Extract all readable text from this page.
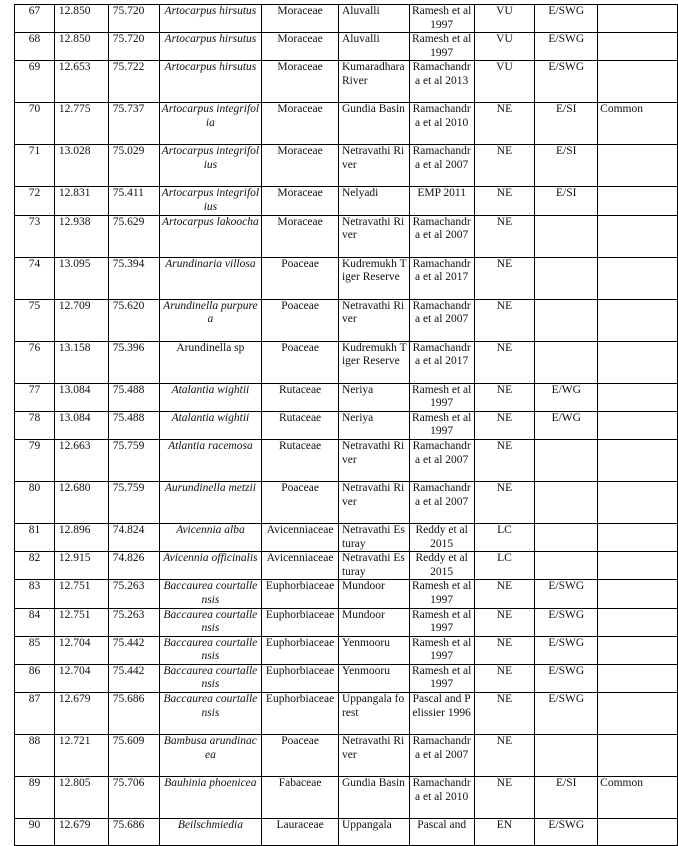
67	12.850	75.720	Artocarpus hirsutus	Moraceae	Aluvalli	Ramesh et al 1997	VU	E/SWG	
68	12.850	75.720	Artocarpus hirsutus	Moraceae	Aluvalli	Ramesh et al 1997	VU	E/SWG	
69	12.653	75.722	Artocarpus hirsutus	Moraceae	Kumaradhara River	Ramachandra et al 2013	VU	E/SWG	
70	12.775	75.737	Artocarpus integrifolia	Moraceae	Gundia Basin	Ramachandra et al 2010	NE	E/SI	Common
71	13.028	75.029	Artocarpus integrifolius	Moraceae	Netravathi River	Ramachandra et al 2007	NE	E/SI	
72	12.831	75.411	Artocarpus integrifolius	Moraceae	Nelyadi	EMP 2011	NE	E/SI	
73	12.938	75.629	Artocarpus lakoocha	Moraceae	Netravathi River	Ramachandra et al 2007	NE		
74	13.095	75.394	Arundinaria villosa	Poaceae	Kudremukh Tiger Reserve	Ramachandra et al 2017	NE		
75	12.709	75.620	Arundinella purpurea	Poaceae	Netravathi River	Ramachandra et al 2007	NE		
76	13.158	75.396	Arundinella sp	Poaceae	Kudremukh Tiger Reserve	Ramachandra et al 2017	NE		
77	13.084	75.488	Atalantia wightii	Rutaceae	Neriya	Ramesh et al 1997	NE	E/WG	
78	13.084	75.488	Atalantia wightii	Rutaceae	Neriya	Ramesh et al 1997	NE	E/WG	
79	12.663	75.759	Atlantia racemosa	Rutaceae	Netravathi River	Ramachandra et al 2007	NE		
80	12.680	75.759	Aurundinella metzii	Poaceae	Netravathi River	Ramachandra et al 2007	NE		
81	12.896	74.824	Avicennia alba	Avicenniaceae	Netravathi Esturay	Reddy et al 2015	LC		
82	12.915	74.826	Avicennia officinalis	Avicenniaceae	Netravathi Esturay	Reddy et al 2015	LC		
83	12.751	75.263	Baccaurea courtallensis	Euphorbiaceae	Mundoor	Ramesh et al 1997	NE	E/SWG	
84	12.751	75.263	Baccaurea courtallensis	Euphorbiaceae	Mundoor	Ramesh et al 1997	NE	E/SWG	
85	12.704	75.442	Baccaurea courtallensis	Euphorbiaceae	Yenmooru	Ramesh et al 1997	NE	E/SWG	
86	12.704	75.442	Baccaurea courtallensis	Euphorbiaceae	Yenmooru	Ramesh et al 1997	NE	E/SWG	
87	12.679	75.686	Baccaurea courtallensis	Euphorbiaceae	Uppangala forest	Pascal and Pelissier 1996	NE	E/SWG	
88	12.721	75.609	Bambusa arundinacea	Poaceae	Netravathi River	Ramachandra et al 2007	NE		
89	12.805	75.706	Bauhinia phoenicea	Fabaceae	Gundia Basin	Ramachandra et al 2010	NE	E/SI	Common
90	12.679	75.686	Beilschmiedia	Lauraceae	Uppangala	Pascal and	EN	E/SWG	
